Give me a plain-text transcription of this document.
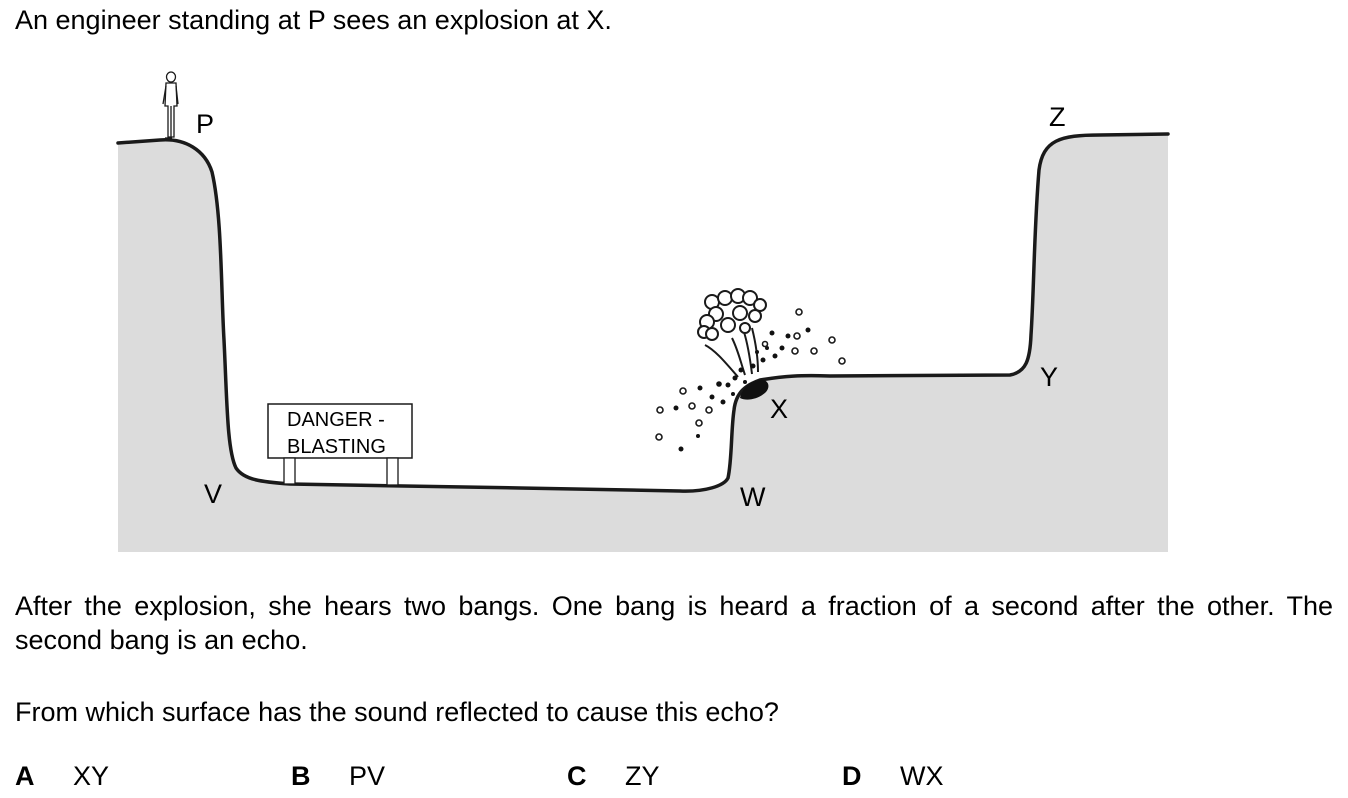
An engineer standing at P sees an explosion at X.

DANGER -
BLASTING
P	Z
Y
X
V	W

After the explosion, she hears two bangs. One bang is heard a fraction of a second after the other. The second bang is an echo.

From which surface has the sound reflected to cause this echo?

A XY	B PV	C ZY	D WX
